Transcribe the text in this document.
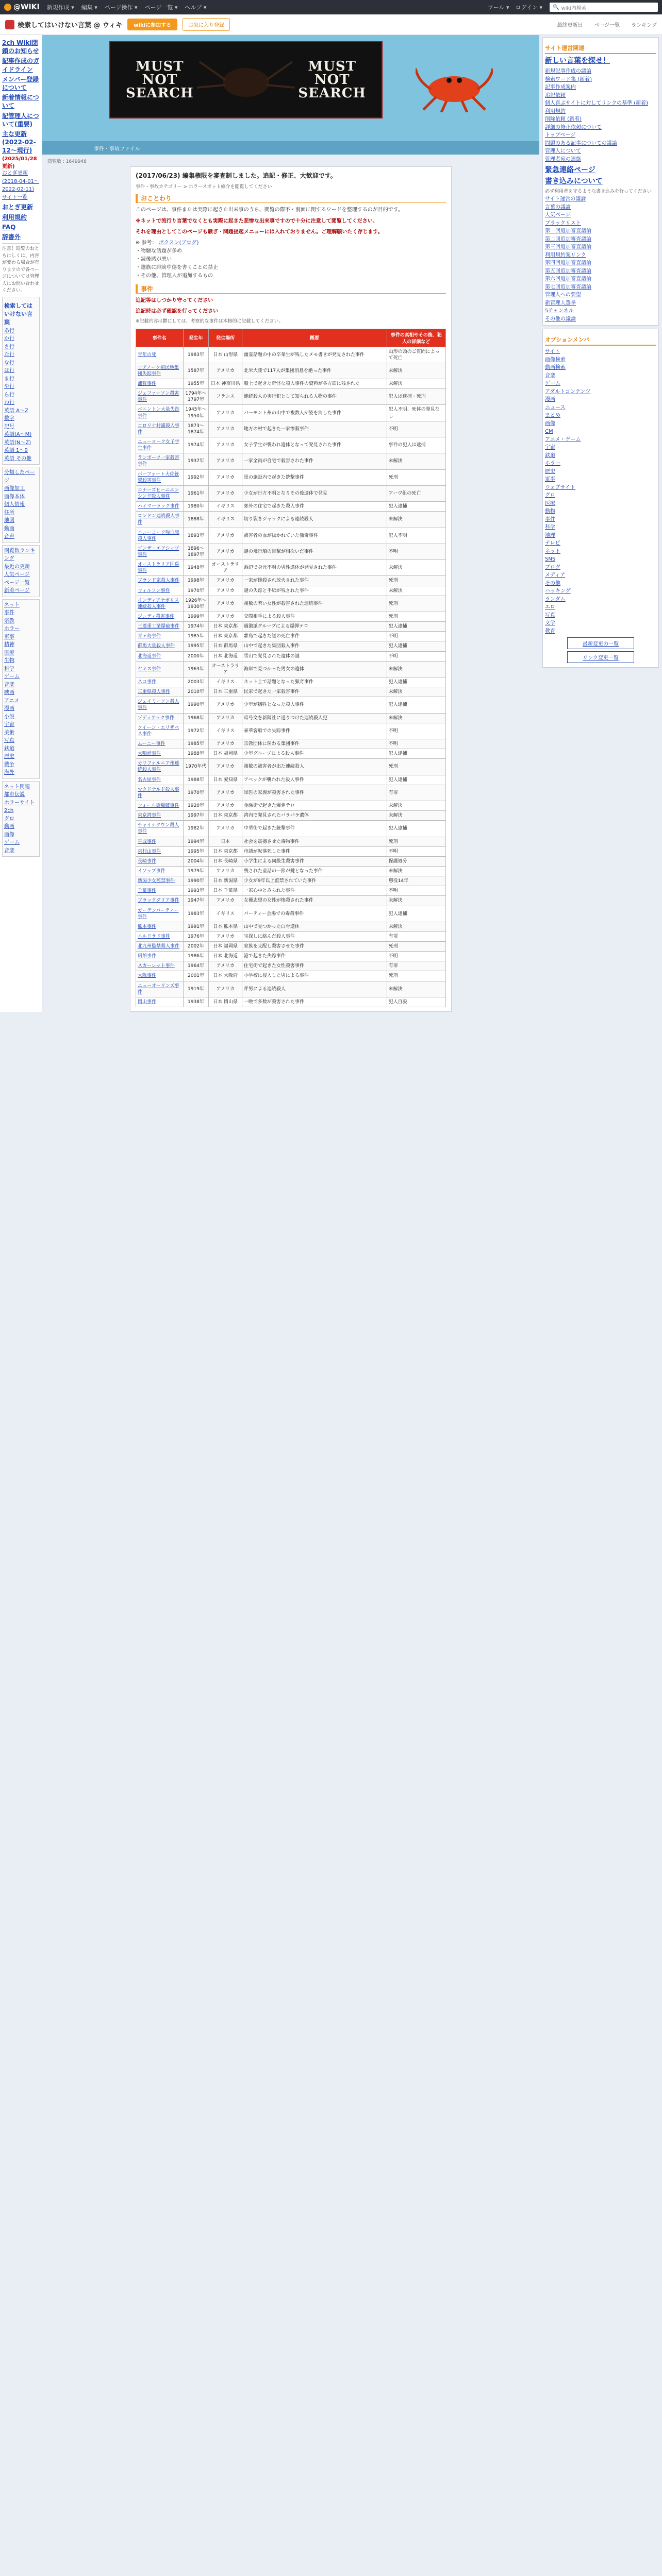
@WIKI 新規作成 ▾ 編集 ▾ ページ操作 ▾ ページ一覧 ▾ ヘルプ ▾	ツール ▾ ログイン ▾ 🔍 wiki内検索
検索してはいけない言葉 @ ウィキ	wikiに参加する	お気に入り登録	最終更新日 ページ一覧 ランキング
2ch Wiki閉鎖のお知らせ
記事作成のガイドライン
メンバー登録について
新着情報について
記管理人について(重要)
主な更新(2022-02-12〜現行)
(2025/01/28更新)
おとぎ更新(2018-04-01〜2022-02-11)
サイト一覧
おとぎ更新
利用規約
FAQ
辞書外
注意！閲覧のおともにしくは、内容が変わる場合が有りますので各ページについては管理人にお問い合わせください。
検索してはいけない言葉
あ行
か行
さ行
た行
な行
は行
ま行
や行
ら行
わ行
英語 A〜Z
数字
記号
英語(A〜M)
英語(N〜Z)
英語 1〜9
英語 その他
分類したページ
画像加工
画像本体
個人情報
住所
地図
動画
音声
閲覧数ランキング
最近の更新
人気ページ
ページ一覧
新着ページ
ネット
事件
宗教
ホラー
軍事
精神
医療
生物
科学
ゲーム
音楽
映画
アニメ
漫画
小説
宇宙
美術
写真
鉄道
歴史
戦争
海外
ネット関連
都市伝説
ホラーサイト
2ch
グロ
動画
画像
ゲーム
音楽
MUST
NOT
SEARCH
MUST
NOT
SEARCH
事件・事故ファイル
閲覧数 : 1649948
(2017/06/23) 編集権限を審査制しました。追記・修正、大歓迎です。
事件・事故カテゴリー > ホラースポット紹介を閲覧してください
おことわり
このページは、事件または実際に起きた出来事のうち、閲覧の際不・裏面に関するワードを整理するのが目的です。
※ネットで流行り言葉でなくとも実際に起きた悲惨な出来事ですので十分に注意して閲覧してください。
それを理由としてこのページも騒ぎ・問題提起メニューには入れておりません。ご理解願いたく存じます。
※ 参考： ボクスン(ブログ)
・物騒な話題が多め
・読後感が悪い
・遺族に誹謗中傷を書くことの禁止
・その他、管理人が追加するもの
事件
追記等はしつかり守ってください
追記時は必ず確認を行ってください
※記載内容は鬱にしては、考察的な事件は本格的に記載してください。
事件名	発生年	発生場所	概要	事件の真相やその後、犯人の詳細など
青年の死	1983年	日本 山形県	幽霊話題の中の卒業生が残したメモ書きが発見された事件	山形の頭のご質問によって死亡
ロアノーク植民地集団失踪事件	1587年	アメリカ	北米大陸で117人が集団消息を絶った事件	未解決
浦賀事件	1955年	日本 神奈川県	船上で起きた奇怪な殺人事件の資料が各方面に残された	未解決
ジェファーソン殺害事件	1794年〜1797年	フランス	連続殺人の実行犯として知られる人物の事件	犯人は逮捕・死刑
ベニントン大量失踪事件	1945年〜1950年	アメリカ	バーモント州の山中で複数人が姿を消した事件	犯人不明、死体の発見なし
コロリナ村浦殺人事件	1873〜1874年	アメリカ	地方の村で起きた一家惨殺事件	不明
ニューヨーク女子学生事件	1974年	アメリカ	女子学生が襲われ遺体となって発見された事件	事件の犯人は逮捕
ランポーツ一家殺害事件	1937年	アメリカ	一家全員が自宅で殺害された事件	未解決
ボーフォート大佐銃撃殺害事件	1992年	アメリカ	軍の施設内で起きた銃撃事件	死刑
コナーズヒーニエンシング殺人事件	1961年	アメリカ	少女が行方不明となりその後遺体で発見	アーヴ組の死亡
ハイマーラック事件	1980年	イギリス	郊外の住宅で起きた殺人事件	犯人逮捕
ロンドン連続殺人事件	1888年	イギリス	切り裂きジャックによる連続殺人	未解決
ニューヨーク吸血鬼殺人事件	1893年	アメリカ	被害者の血が抜かれていた猟奇事件	犯人不明
ゴンザ・エアシップ事件	1896〜1897年	アメリカ	謎の飛行船の目撃が相次いだ事件	不明
オーストラリア国巡事件	1948年	オーストラリア	浜辺で身元不明の男性遺体が発見された事件	未解決
ブランド家殺人事件	1998年	アメリカ	一家が惨殺され放火された事件	死刑
ウィルソン事件	1970年	アメリカ	謎の失踪と手紙が残された事件	未解決
インディアナポリス連続殺人事件	1926年〜1930年	アメリカ	複数の若い女性が殺害された連続事件	死刑
ジュディ殺害事件	1999年	アメリカ	交際相手による殺人事件	死刑
三菱重工業爆破事件	1974年	日本 東京都	過激派グループによる爆弾テロ	犯人逮捕
青ヶ島事件	1985年	日本 東京都	離島で起きた謎の死亡事件	不明
群馬大量殺人事件	1995年	日本 群馬県	山中で起きた集団殺人事件	犯人逮捕
北海道事件	2000年	日本 北海道	雪山で発見された遺体の謎	不明
ヤミス事件	1963年	オーストラリア	海岸で見つかった男女の遺体	未解決
ネコ事件	2003年	イギリス	ネット上で話題となった猟奇事件	犯人逮捕
三重県殺人事件	2010年	日本 三重県	民家で起きた一家殺害事件	未解決
ジェイミーソン殺人事件	1990年	アメリカ	少年が犠牲となった殺人事件	犯人逮捕
ゾディアック事件	1968年	アメリカ	暗号文を新聞社に送りつけた連続殺人犯	未解決
クイーン・エリザベス事件	1972年	イギリス	豪華客船での失踪事件	不明
ムーニー事件	1985年	アメリカ	宗教団体に関わる集団事件	不明
犬鳴峠事件	1988年	日本 福岡県	少年グループによる殺人事件	犯人逮捕
カリフォルニア州連続殺人事件	1970年代	アメリカ	複数の被害者が出た連続殺人	死刑
名古屋事件	1988年	日本 愛知県	アベックが襲われた殺人事件	犯人逮捕
マクドナルド殺人事件	1970年	アメリカ	軍医の家族が殺害された事件	有罪
ウォール街爆破事件	1920年	アメリカ	金融街で起きた爆弾テロ	未解決
東京湾事件	1997年	日本 東京都	湾内で発見されたバラバラ遺体	未解決
チャイナタウン殺人事件	1982年	アメリカ	中華街で起きた銃撃事件	犯人逮捕
平成事件	1994年	日本	社会を震撼させた毒物事件	死刑
東村山事件	1995年	日本 東京都	市議が転落死した事件	不明
長崎事件	2004年	日本 長崎県	小学生による同級生殺害事件	保護処分
イソップ事件	1979年	アメリカ	残された童話の一節が鍵となった事件	未解決
新潟少女監禁事件	1990年	日本 新潟県	少女が9年以上監禁されていた事件	懲役14年
千葉事件	1993年	日本 千葉県	一家心中とみられた事件	不明
ブラックダリア事件	1947年	アメリカ	女優志望の女性が惨殺された事件	未解決
ガーデンパーティー事件	1983年	イギリス	パーティー会場での毒殺事件	犯人逮捕
熊本事件	1991年	日本 熊本県	山中で見つかった白骨遺体	未解決
エルドラド事件	1976年	アメリカ	宝探しに絡んだ殺人事件	有罪
北九州監禁殺人事件	2002年	日本 福岡県	家族を支配し殺害させた事件	死刑
函館事件	1986年	日本 北海道	港で起きた失踪事件	不明
スカーレット事件	1964年	アメリカ	住宅街で起きた女性殺害事件	有罪
大阪事件	2001年	日本 大阪府	小学校に侵入した男による事件	死刑
ニューオーリンズ事件	1919年	アメリカ	斧男による連続殺人	未解決
岡山事件	1938年	日本 岡山県	一晩で多数が殺害された事件	犯人自殺
サイト運営関連
新しい言葉を探せ！
新規記事作成の議論
検索ワード集 (新着)
記事作成案内
追記依頼
個人喜ぶサイトに対してリンクの基準 (新着)
利用規約
削除依頼 (新着)
詳細の修正依頼について
トップページ
問題のある記事についての議論
管理人について
管理者宛の連絡
緊急連絡ページ
書き込みについて
必ず利用者を守るような書き込みを行ってください
サイト運営の議論
言葉の議論
人気ページ
ブラックリスト
第一回追加審査議論
第二回追加審査議論
第三回追加審査議論
利用規約案リンク
第四回追加審査議論
第五回追加審査議論
第六回追加審査議論
第七回追加審査議論
管理人への要望
新管理人選挙
5チャンネル
その他の議論
オプションメンバ
サイト
画像検索
動画検索
音楽
ゲーム
アダルトコンテンツ
漫画
ニュース
まとめ
画像
CM
アニメ・ゲーム
宇宙
鉄道
ホラー
歴史
軍事
ウェブサイト
グロ
医療
動物
事件
科学
地理
テレビ
ネット
SNS
ブログ
メディア
その他
ハッキング
ランダム
エロ
写真
文学
教育
最新変更の一覧
リンク変更一覧
